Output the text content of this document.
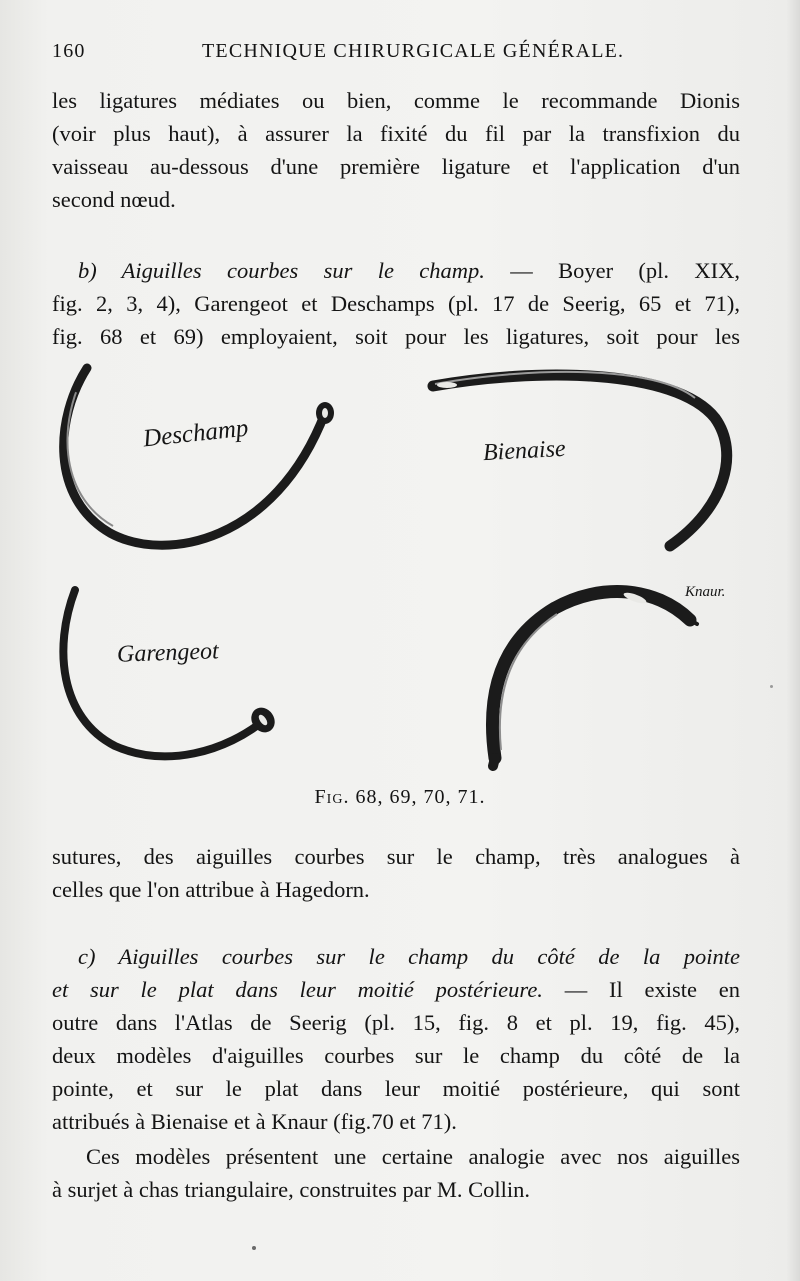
160	TECHNIQUE CHIRURGICALE GÉNÉRALE.
les ligatures médiates ou bien, comme le recommande Dionis
(voir plus haut), à assurer la fixité du fil par la transfixion du
vaisseau au-dessous d'une première ligature et l'application d'un
second nœud.
b) Aiguilles courbes sur le champ. — Boyer (pl. XIX,
fig. 2, 3, 4), Garengeot et Deschamps (pl. 17 de Seerig, 65 et 71),
fig. 68 et 69) employaient, soit pour les ligatures, soit pour les
Deschamp	Bienaise
Garengeot
Knaur.
Fig. 68, 69, 70, 71.
sutures, des aiguilles courbes sur le champ, très analogues à
celles que l'on attribue à Hagedorn.
c) Aiguilles courbes sur le champ du côté de la pointe
et sur le plat dans leur moitié postérieure. — Il existe en
outre dans l'Atlas de Seerig (pl. 15, fig. 8 et pl. 19, fig. 45),
deux modèles d'aiguilles courbes sur le champ du côté de la
pointe, et sur le plat dans leur moitié postérieure, qui sont
attribués à Bienaise et à Knaur (fig.70 et 71).
Ces modèles présentent une certaine analogie avec nos aiguilles
à surjet à chas triangulaire, construites par M. Collin.
